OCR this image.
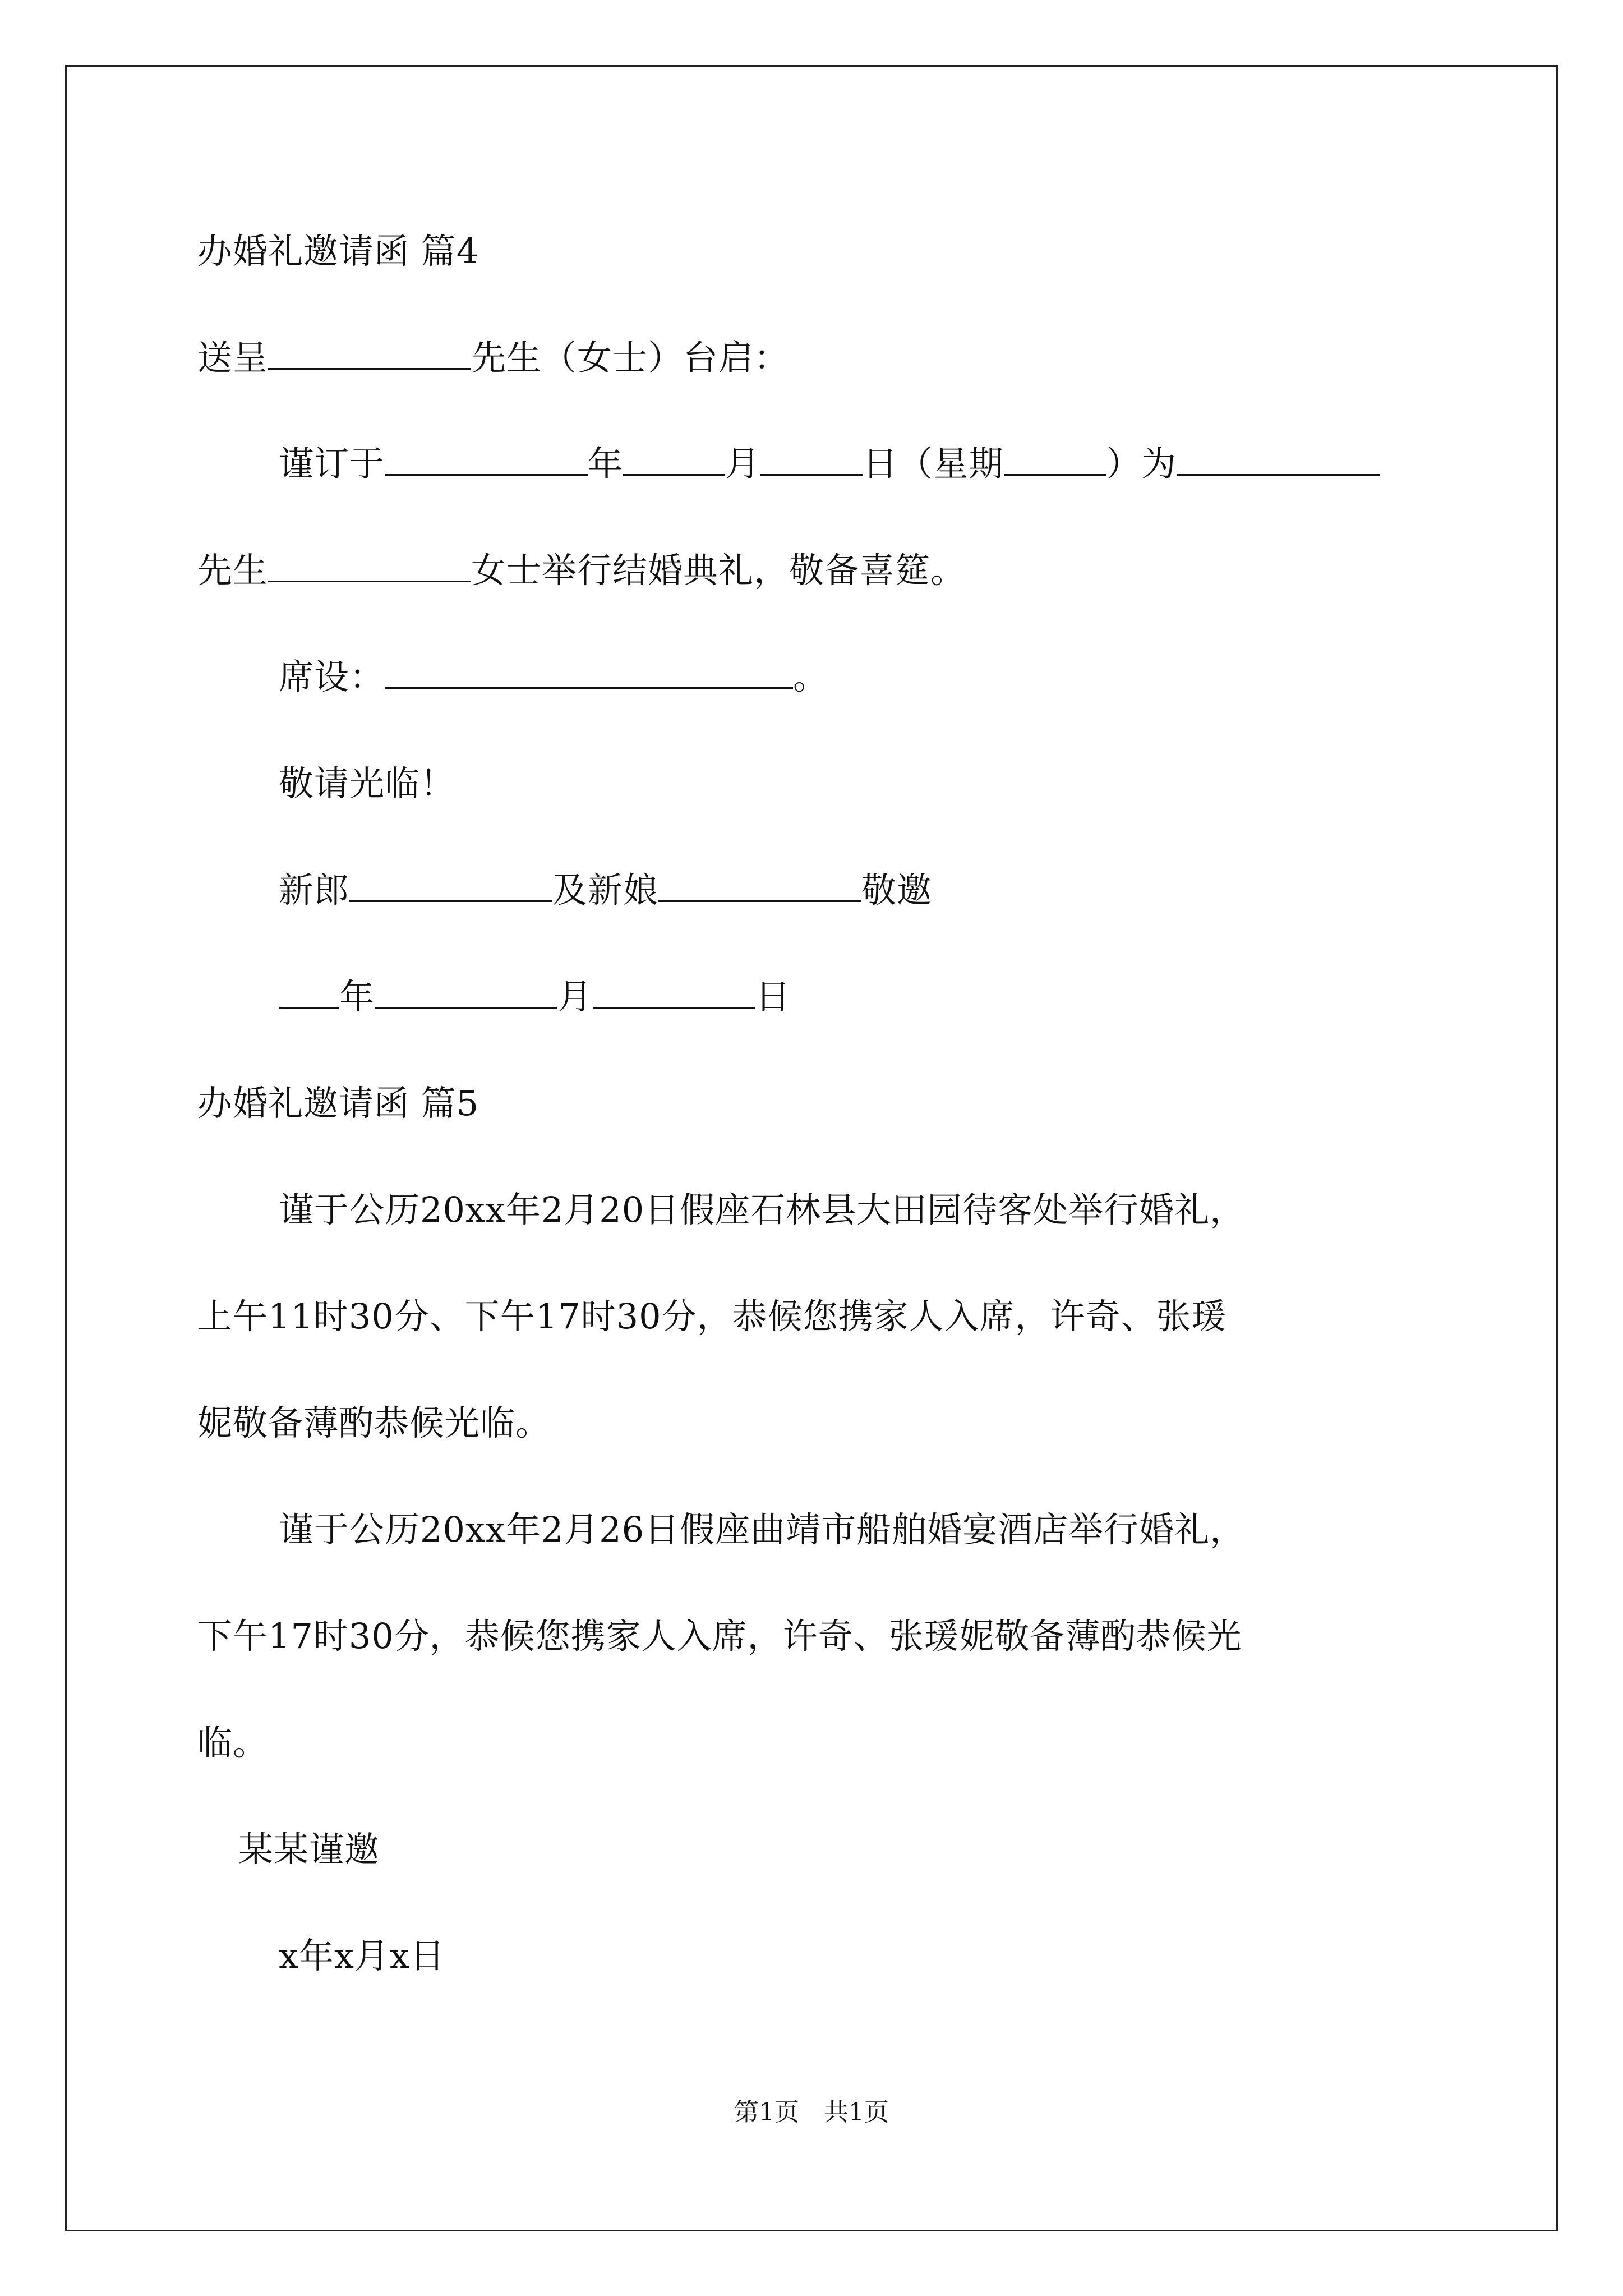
办婚礼邀请函 篇4
送呈	先生（女士）台启：
谨订于	年	月	日（星期	）为
先生	女士举行结婚典礼，敬备喜筵。
席设：	。
敬请光临！
新郎	及新娘	敬邀
年	月	日
办婚礼邀请函 篇5
谨于公历20xx年2月20日假座石林县大田园待客处举行婚礼，
上午11时30分、下午17时30分，恭候您携家人入席，许奇、张瑗
妮敬备薄酌恭候光临。
谨于公历20xx年2月26日假座曲靖市船舶婚宴酒店举行婚礼，
下午17时30分，恭候您携家人入席，许奇、张瑗妮敬备薄酌恭候光
临。
某某谨邀
x年x月x日
第1页　共1页
